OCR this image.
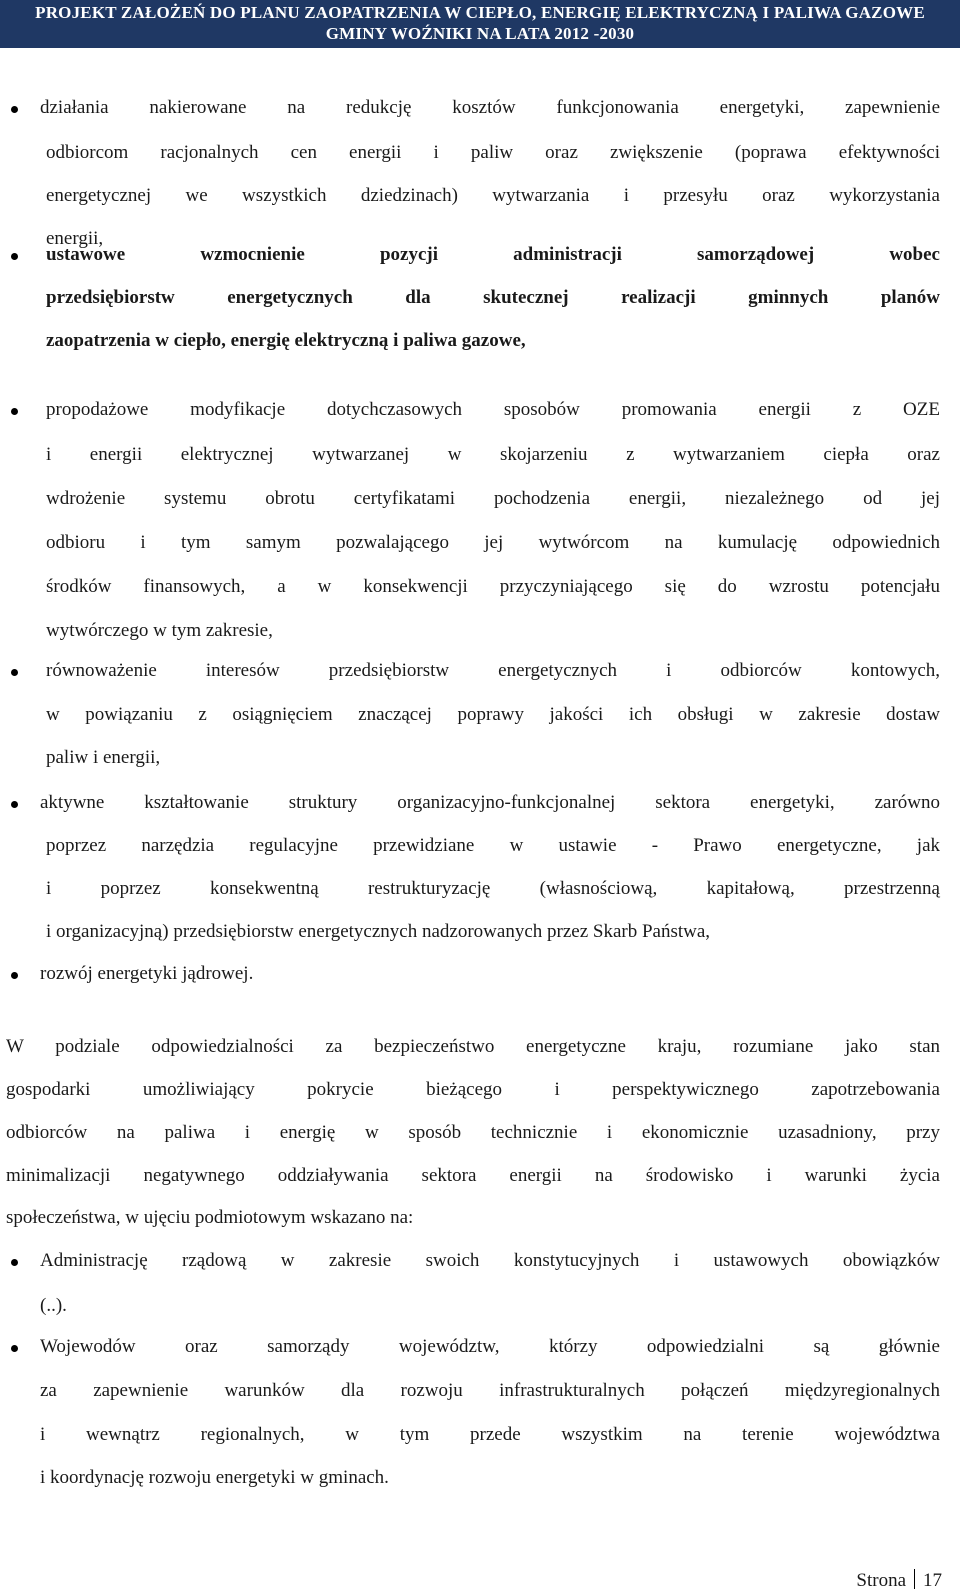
PROJEKT ZAŁOŻEŃ DO PLANU ZAOPATRZENIA W CIEPŁO, ENERGIĘ ELEKTRYCZNĄ I PALIWA GAZOWE
GMINY WOŹNIKI NA LATA 2012 -2030
działania nakierowane na redukcję kosztów funkcjonowania energetyki, zapewnienie
odbiorcom racjonalnych cen energii i paliw oraz zwiększenie (poprawa efektywności
energetycznej we wszystkich dziedzinach) wytwarzania i przesyłu oraz wykorzystania
energii,
ustawowe wzmocnienie pozycji administracji samorządowej wobec
przedsiębiorstw energetycznych dla skutecznej realizacji gminnych planów
zaopatrzenia w ciepło, energię elektryczną i paliwa gazowe,
propodażowe modyfikacje dotychczasowych sposobów promowania energii z OZE
i energii elektrycznej wytwarzanej w skojarzeniu z wytwarzaniem ciepła oraz
wdrożenie systemu obrotu certyfikatami pochodzenia energii, niezależnego od jej
odbioru i tym samym pozwalającego jej wytwórcom na kumulację odpowiednich
środków finansowych, a w konsekwencji przyczyniającego się do wzrostu potencjału
wytwórczego w tym zakresie,
równoważenie interesów przedsiębiorstw energetycznych i odbiorców kontowych,
w powiązaniu z osiągnięciem znaczącej poprawy jakości ich obsługi w zakresie dostaw
paliw i energii,
aktywne kształtowanie struktury organizacyjno-funkcjonalnej sektora energetyki, zarówno
poprzez narzędzia regulacyjne przewidziane w ustawie - Prawo energetyczne, jak
i poprzez konsekwentną restrukturyzację (własnościową, kapitałową, przestrzenną
i organizacyjną) przedsiębiorstw energetycznych nadzorowanych przez Skarb Państwa,
rozwój energetyki jądrowej.
W podziale odpowiedzialności za bezpieczeństwo energetyczne kraju, rozumiane jako stan
gospodarki umożliwiający pokrycie bieżącego i perspektywicznego zapotrzebowania
odbiorców na paliwa i energię w sposób technicznie i ekonomicznie uzasadniony, przy
minimalizacji negatywnego oddziaływania sektora energii na środowisko i warunki życia
społeczeństwa, w ujęciu podmiotowym wskazano na:
Administrację rządową w zakresie swoich konstytucyjnych i ustawowych obowiązków
(..).
Wojewodów oraz samorządy województw, którzy odpowiedzialni są głównie
za zapewnienie warunków dla rozwoju infrastrukturalnych połączeń międzyregionalnych
i wewnątrz regionalnych, w tym przede wszystkim na terenie województwa
i koordynację rozwoju energetyki w gminach.
Strona 17
